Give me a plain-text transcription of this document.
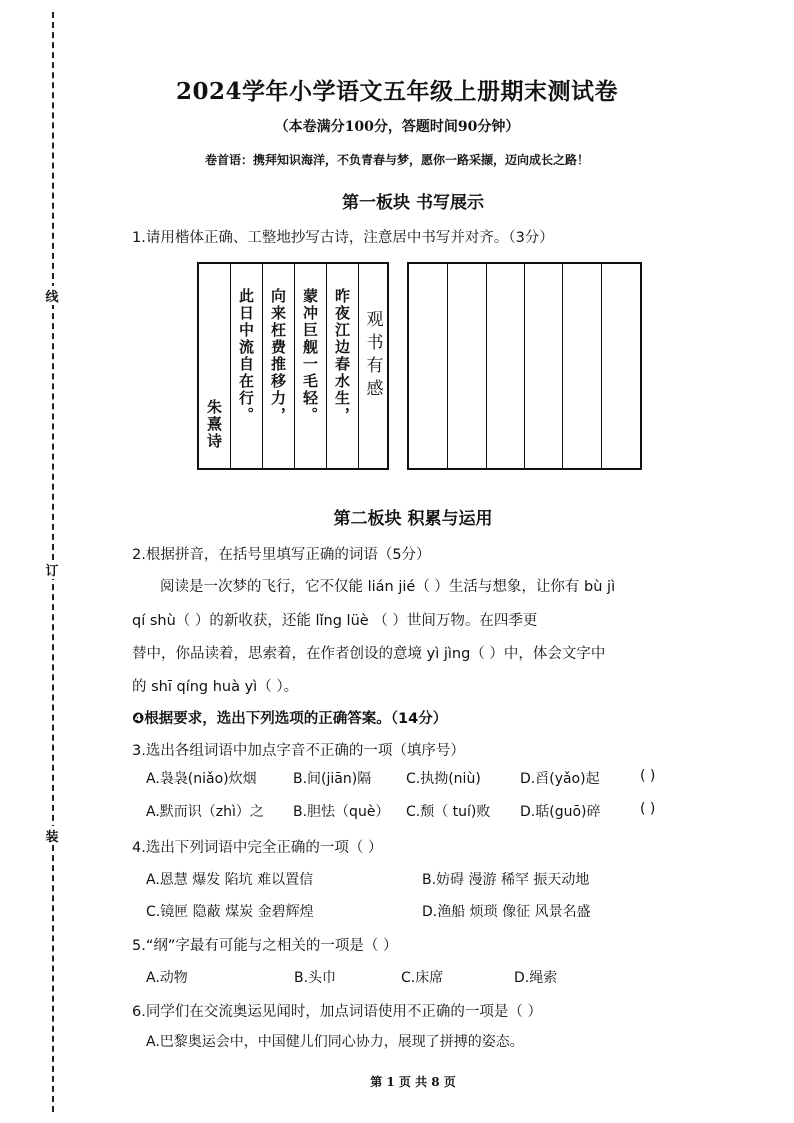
线
订
装
2024学年小学语文五年级上册期末测试卷
（本卷满分100分，答题时间90分钟）
卷首语：携拜知识海洋，不负青春与梦，愿你一路采撷，迈向成长之路！
第一板块 书写展示
1.请用楷体正确、工整地抄写古诗，注意居中书写并对齐。（3分）
朱熹诗
此日中流自在行。 向来枉费推移力， 蒙冲巨舰一毛轻。 昨夜江边春水生， 观书有感
第二板块 积累与运用
2.根据拼音，在括号里填写正确的词语（5分）
阅读是一次梦的飞行，它不仅能 lián jié（ ）生活与想象，让你有 bù jì
qí shù（ ）的新收获，还能 lǐng lüè （ ）世间万物。在四季更
替中，你品读着，思索着，在作者创设的意境 yì jìng（ ）中，体会文字中
的 shī qíng huà yì（ ）。
❹根据要求，选出下列选项的正确答案。（14分）
3.选出各组词语中加点字音不正确的一项（填序号）
A.袅袅(niǎo)炊烟	B.间(jiān)隔 C.执拗(niù)	D.舀(yǎo)起	( )
A.默而识（zhì）之 B.胆怯（què） C.颓（ tuí)败 D.聒(guō)碎	( )
4.选出下列词语中完全正确的一项（ ）
A.恩慧 爆发 陷坑 难以置信	B.妨碍 漫游 稀罕 振天动地
C.镜匣 隐蔽 煤炭 金碧辉煌	D.渔船 烦琐 像征 风景名盛
5.“纲”字最有可能与之相关的一项是（ ）
A.动物	B.头巾	C.床席	D.绳索
6.同学们在交流奥运见闻时，加点词语使用不正确的一项是（ ）
A.巴黎奥运会中，中国健儿们同心协力，展现了拼搏的姿态。
第 1 页 共 8 页
